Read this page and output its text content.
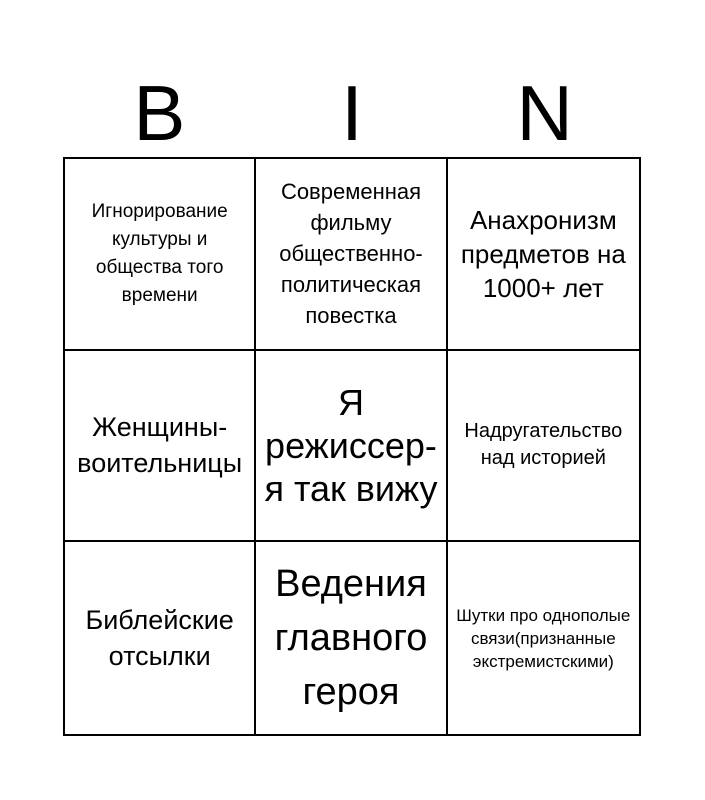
B	I	N
Игнорирование культуры и общества того времени
Современная фильму общественно-политическая повестка
Анахронизм предметов на 1000+ лет
Женщины-воительницы
Я режиссер-я так вижу
Надругательство над историей
Библейские отсылки
Ведения главного героя
Шутки про однополые связи(признанные экстремистскими)
